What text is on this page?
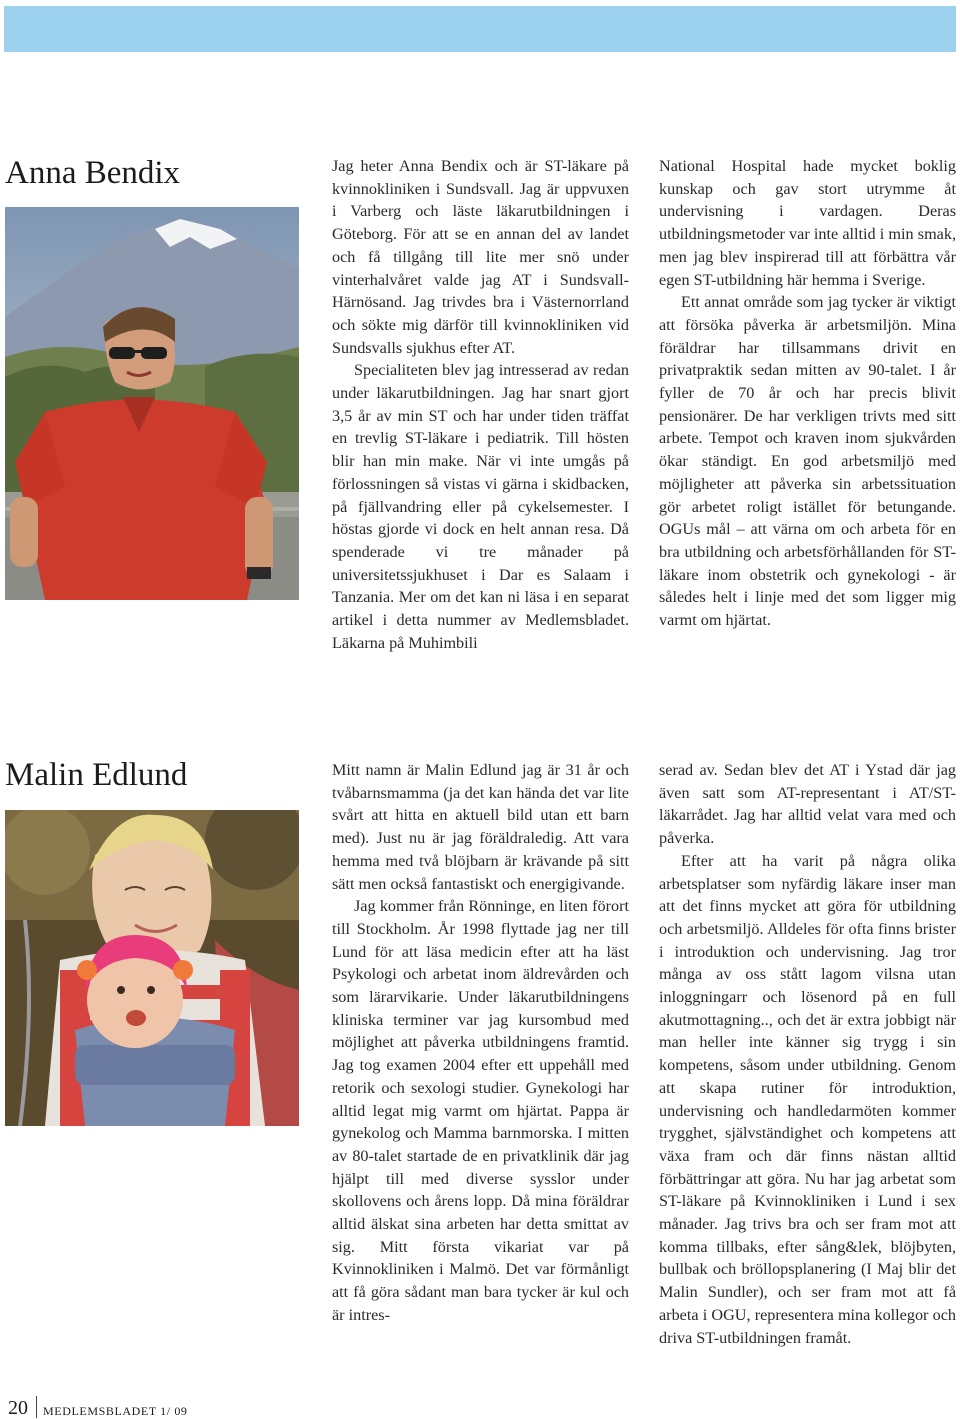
Anna Bendix	Jag heter Anna Bendix och är ST-läkare på kvinnokliniken i Sundsvall. Jag är uppvuxen i Varberg och läste läkarutbildningen i Göteborg. För att se en annan del av landet och få tillgång till lite mer snö under vinterhalvåret valde jag AT i Sundsvall-Härnösand. Jag trivdes bra i Västernorrland och sökte mig därför till kvinnokliniken vid Sundsvalls sjukhus efter AT.

Specialiteten blev jag intresserad av redan under läkarutbildningen. Jag har snart gjort 3,5 år av min ST och har under tiden träffat en trevlig ST-läkare i pediatrik. Till hösten blir han min make. När vi inte umgås på förlossningen så vistas vi gärna i skidbacken, på fjällvandring eller på cykelsemester. I höstas gjorde vi dock en helt annan resa. Då spenderade vi tre månader på universitetssjukhuset i Dar es Salaam i Tanzania. Mer om det kan ni läsa i en separat artikel i detta nummer av Medlemsbladet. Läkarna på Muhimbili

National Hospital hade mycket boklig kunskap och gav stort utrymme åt undervisning i vardagen. Deras utbildningsmetoder var inte alltid i min smak, men jag blev inspirerad till att förbättra vår egen ST-utbildning här hemma i Sverige.

Ett annat område som jag tycker är viktigt att försöka påverka är arbetsmiljön. Mina föräldrar har tillsammans drivit en privatpraktik sedan mitten av 90-talet. I år fyller de 70 år och har precis blivit pensionärer. De har verkligen trivts med sitt arbete. Tempot och kraven inom sjukvården ökar ständigt. En god arbetsmiljö med möjligheter att påverka sin arbetssituation gör arbetet roligt istället för betungande. OGUs mål – att värna om och arbeta för en bra utbildning och arbetsförhållanden för ST-läkare inom obstetrik och gynekologi - är således helt i linje med det som ligger mig varmt om hjärtat.

Malin Edlund	Mitt namn är Malin Edlund jag är 31 år och tvåbarnsmamma (ja det kan hända det var lite svårt att hitta en aktuell bild utan ett barn med). Just nu är jag föräldraledig. Att vara hemma med två blöjbarn är krävande på sitt sätt men också fantastiskt och energigivande.

Jag kommer från Rönninge, en liten förort till Stockholm. År 1998 flyttade jag ner till Lund för att läsa medicin efter att ha läst Psykologi och arbetat inom äldrevården och som lärarvikarie. Under läkarutbildningens kliniska terminer var jag kursombud med möjlighet att påverka utbildningens framtid. Jag tog examen 2004 efter ett uppehåll med retorik och sexologi studier. Gynekologi har alltid legat mig varmt om hjärtat. Pappa är gynekolog och Mamma barnmorska. I mitten av 80-talet startade de en privatklinik där jag hjälpt till med diverse sysslor under skollovens och årens lopp. Då mina föräldrar alltid älskat sina arbeten har detta smittat av sig. Mitt första vikariat var på Kvinnokliniken i Malmö. Det var förmånligt att få göra sådant man bara tycker är kul och är intres-

serad av. Sedan blev det AT i Ystad där jag även satt som AT-representant i AT/ST-läkarrådet. Jag har alltid velat vara med och påverka.

Efter att ha varit på några olika arbetsplatser som nyfärdig läkare inser man att det finns mycket att göra för utbildning och arbetsmiljö. Alldeles för ofta finns brister i introduktion och undervisning. Jag tror många av oss stått lagom vilsna utan inloggningarr och lösenord på en full akutmottagning.., och det är extra jobbigt när man heller inte känner sig trygg i sin kompetens, såsom under utbildning. Genom att skapa rutiner för introduktion, undervisning och handledarmöten kommer trygghet, självständighet och kompetens att växa fram och där finns nästan alltid förbättringar att göra. Nu har jag arbetat som ST-läkare på Kvinnokliniken i Lund i sex månader. Jag trivs bra och ser fram mot att komma tillbaks, efter sång&lek, blöjbyten, bullbak och bröllopsplanering (I Maj blir det Malin Sundler), och ser fram mot att få arbeta i OGU, representera mina kollegor och driva ST-utbildningen framåt.

20	MEDLEMSBLADET 1/ 09
